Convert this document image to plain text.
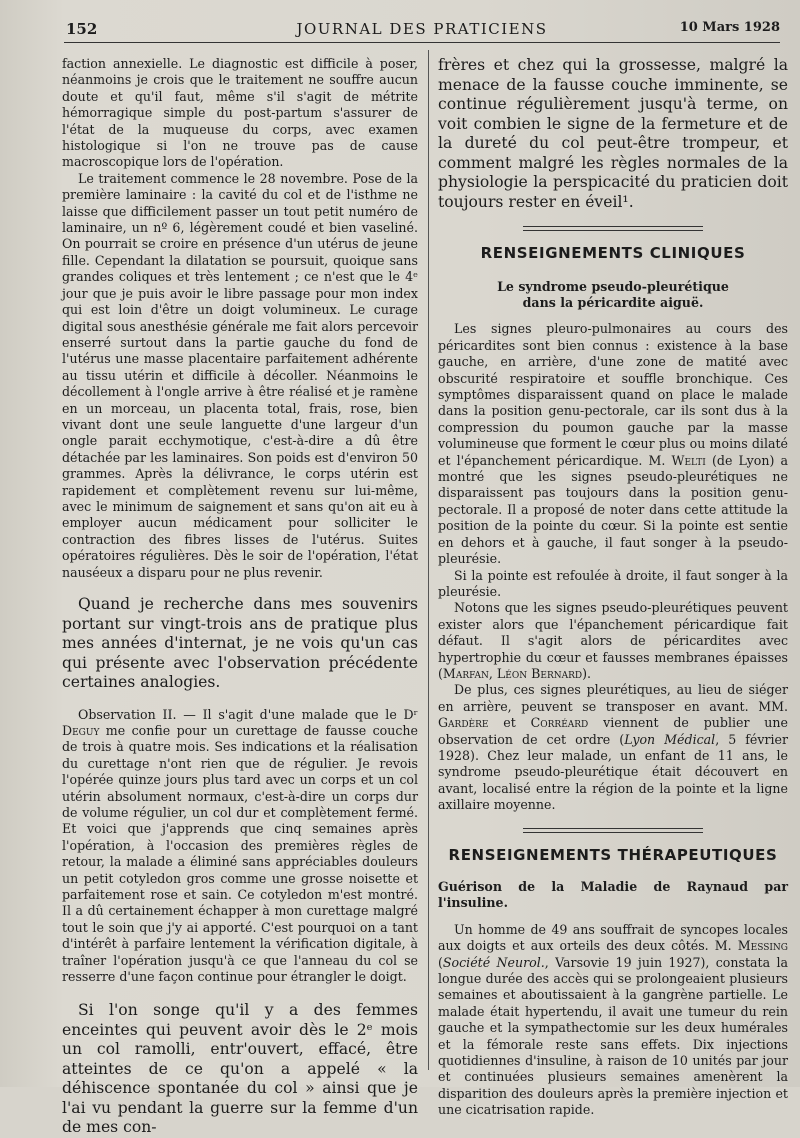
152	JOURNAL DES PRATICIENS	10 Mars 1928

faction annexielle. Le diagnostic est difficile à poser, néanmoins je crois que le traitement ne souffre aucun doute et qu'il faut, même s'il s'agit de métrite hémorragique simple du post-partum s'assurer de l'état de la muqueuse du corps, avec examen histologique si l'on ne trouve pas de cause macroscopique lors de l'opération.

Le traitement commence le 28 novembre. Pose de la première laminaire : la cavité du col et de l'isthme ne laisse que difficilement passer un tout petit numéro de laminaire, un nº 6, légèrement coudé et bien vaseliné. On pourrait se croire en présence d'un utérus de jeune fille. Cependant la dilatation se poursuit, quoique sans grandes coliques et très lentement ; ce n'est que le 4ᵉ jour que je puis avoir le libre passage pour mon index qui est loin d'être un doigt volumineux. Le curage digital sous anesthésie générale me fait alors percevoir enserré surtout dans la partie gauche du fond de l'utérus une masse placentaire parfaitement adhérente au tissu utérin et difficile à décoller. Néanmoins le décollement à l'ongle arrive à être réalisé et je ramène en un morceau, un placenta total, frais, rose, bien vivant dont une seule languette d'une largeur d'un ongle parait ecchymotique, c'est-à-dire a dû être détachée par les laminaires. Son poids est d'environ 50 grammes. Après la délivrance, le corps utérin est rapidement et complètement revenu sur lui-même, avec le minimum de saignement et sans qu'on ait eu à employer aucun médicament pour solliciter le contraction des fibres lisses de l'utérus. Suites opératoires régulières. Dès le soir de l'opération, l'état nauséeux a disparu pour ne plus revenir.

Quand je recherche dans mes souvenirs portant sur vingt-trois ans de pratique plus mes années d'internat, je ne vois qu'un cas qui présente avec l'observation précédente certaines analogies.

Observation II. — Il s'agit d'une malade que le Dʳ Deguy me confie pour un curettage de fausse couche de trois à quatre mois. Ses indications et la réalisation du curettage n'ont rien que de régulier. Je revois l'opérée quinze jours plus tard avec un corps et un col utérin absolument normaux, c'est-à-dire un corps dur de volume régulier, un col dur et complètement fermé. Et voici que j'apprends que cinq semaines après l'opération, à l'occasion des premières règles de retour, la malade a éliminé sans appréciables douleurs un petit cotyledon gros comme une grosse noisette et parfaitement rose et sain. Ce cotyledon m'est montré. Il a dû certainement échapper à mon curettage malgré tout le soin que j'y ai apporté. C'est pourquoi on a tant d'intérêt à parfaire lentement la vérification digitale, à traîner l'opération jusqu'à ce que l'anneau du col se resserre d'une façon continue pour étrangler le doigt.

Si l'on songe qu'il y a des femmes enceintes qui peuvent avoir dès le 2ᵉ mois un col ramolli, entr'ouvert, effacé, être atteintes de ce qu'on a appelé « la déhiscence spontanée du col » ainsi que je l'ai vu pendant la guerre sur la femme d'un de mes con-

frères et chez qui la grossesse, malgré la menace de la fausse couche imminente, se continue régulièrement jusqu'à terme, on voit combien le signe de la fermeture et de la dureté du col peut-être trompeur, et comment malgré les règles normales de la physiologie la perspicacité du praticien doit toujours rester en éveil¹.

RENSEIGNEMENTS CLINIQUES
Le syndrome pseudo-pleurétique
dans la péricardite aiguë.

Les signes pleuro-pulmonaires au cours des péricardites sont bien connus : existence à la base gauche, en arrière, d'une zone de matité avec obscurité respiratoire et souffle bronchique. Ces symptômes disparaissent quand on place le malade dans la position genu-pectorale, car ils sont dus à la compression du poumon gauche par la masse volumineuse que forment le cœur plus ou moins dilaté et l'épanchement péricardique. M. Welti (de Lyon) a montré que les signes pseudo-pleurétiques ne disparaissent pas toujours dans la position genu-pectorale. Il a proposé de noter dans cette attitude la position de la pointe du cœur. Si la pointe est sentie en dehors et à gauche, il faut songer à la pseudo-pleurésie.

Si la pointe est refoulée à droite, il faut songer à la pleurésie.

Notons que les signes pseudo-pleurétiques peuvent exister alors que l'épanchement péricardique fait défaut. Il s'agit alors de péricardites avec hypertrophie du cœur et fausses membranes épaisses (Marfan, Léon Bernard).

De plus, ces signes pleurétiques, au lieu de siéger en arrière, peuvent se transposer en avant. MM. Gardère et Corréard viennent de publier une observation de cet ordre (Lyon Médical, 5 février 1928). Chez leur malade, un enfant de 11 ans, le syndrome pseudo-pleurétique était découvert en avant, localisé entre la région de la pointe et la ligne axillaire moyenne.

RENSEIGNEMENTS THÉRAPEUTIQUES
Guérison de la Maladie de Raynaud par l'insuline.

Un homme de 49 ans souffrait de syncopes locales aux doigts et aux orteils des deux côtés. M. Messing (Société Neurol., Varsovie 19 juin 1927), constata la longue durée des accès qui se prolongeaient plusieurs semaines et aboutissaient à la gangrène partielle. Le malade était hypertendu, il avait une tumeur du rein gauche et la sympathectomie sur les deux humérales et la fémorale reste sans effets. Dix injections quotidiennes d'insuline, à raison de 10 unités par jour et continuées plusieurs semaines amenèrent la disparition des douleurs après la première injection et une cicatrisation rapide.
